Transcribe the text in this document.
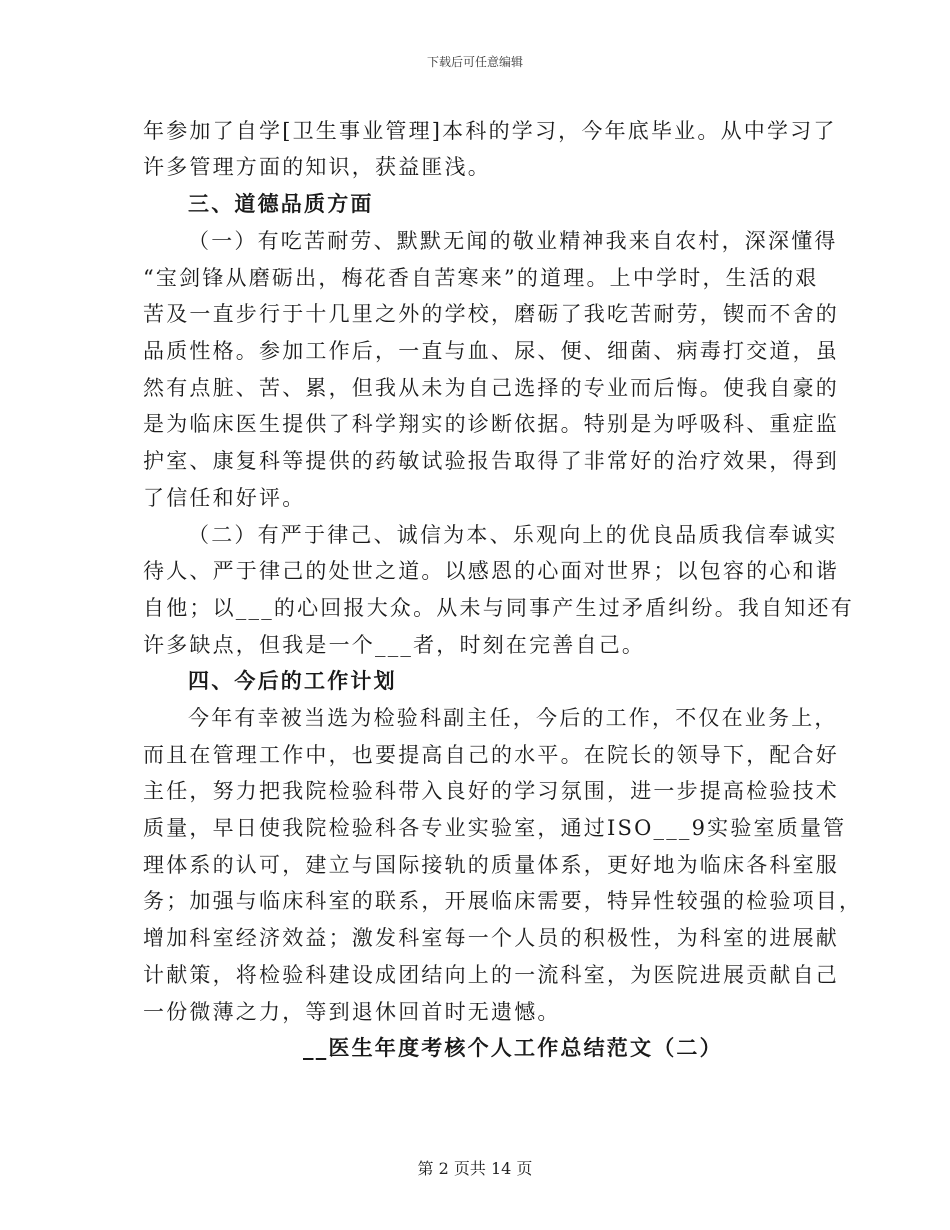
下载后可任意编辑
年参加了自学[卫生事业管理]本科的学习，今年底毕业。从中学习了
许多管理方面的知识，获益匪浅。
三、道德品质方面
（一）有吃苦耐劳、默默无闻的敬业精神我来自农村，深深懂得
“宝剑锋从磨砺出，梅花香自苦寒来”的道理。上中学时，生活的艰
苦及一直步行于十几里之外的学校，磨砺了我吃苦耐劳，锲而不舍的
品质性格。参加工作后，一直与血、尿、便、细菌、病毒打交道，虽
然有点脏、苦、累，但我从未为自己选择的专业而后悔。使我自豪的
是为临床医生提供了科学翔实的诊断依据。特别是为呼吸科、重症监
护室、康复科等提供的药敏试验报告取得了非常好的治疗效果，得到
了信任和好评。
（二）有严于律己、诚信为本、乐观向上的优良品质我信奉诚实
待人、严于律己的处世之道。以感恩的心面对世界；以包容的心和谐
自他；以___的心回报大众。从未与同事产生过矛盾纠纷。我自知还有
许多缺点，但我是一个___者，时刻在完善自己。
四、今后的工作计划
今年有幸被当选为检验科副主任，今后的工作，不仅在业务上，
而且在管理工作中，也要提高自己的水平。在院长的领导下，配合好
主任，努力把我院检验科带入良好的学习氛围，进一步提高检验技术
质量，早日使我院检验科各专业实验室，通过ISO___9实验室质量管
理体系的认可，建立与国际接轨的质量体系，更好地为临床各科室服
务；加强与临床科室的联系，开展临床需要，特异性较强的检验项目，
增加科室经济效益；激发科室每一个人员的积极性，为科室的进展献
计献策，将检验科建设成团结向上的一流科室，为医院进展贡献自己
一份微薄之力，等到退休回首时无遗憾。
__医生年度考核个人工作总结范文（二）
第 2 页共 14 页
